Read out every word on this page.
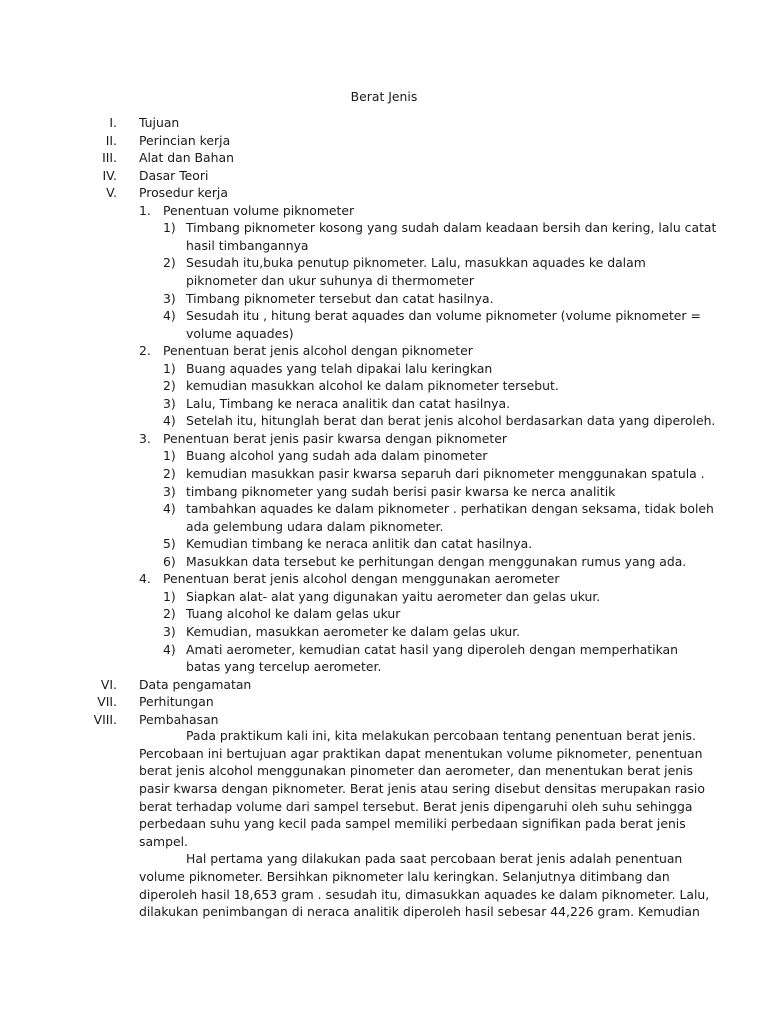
Berat Jenis
I. Tujuan
II. Perincian kerja
III. Alat dan Bahan
IV. Dasar Teori
V. Prosedur kerja
1. Penentuan volume piknometer
1) Timbang piknometer kosong yang sudah dalam keadaan bersih dan kering, lalu catat
hasil timbangannya
2) Sesudah itu,buka penutup piknometer. Lalu, masukkan aquades ke dalam
piknometer dan ukur suhunya di thermometer
3) Timbang piknometer tersebut dan catat hasilnya.
4) Sesudah itu , hitung berat aquades dan volume piknometer (volume piknometer =
volume aquades)
2. Penentuan berat jenis alcohol dengan piknometer
1) Buang aquades yang telah dipakai lalu keringkan
2) kemudian masukkan alcohol ke dalam piknometer tersebut.
3) Lalu, Timbang ke neraca analitik dan catat hasilnya.
4) Setelah itu, hitunglah berat dan berat jenis alcohol berdasarkan data yang diperoleh.
3. Penentuan berat jenis pasir kwarsa dengan piknometer
1) Buang alcohol yang sudah ada dalam pinometer
2) kemudian masukkan pasir kwarsa separuh dari piknometer menggunakan spatula .
3) timbang piknometer yang sudah berisi pasir kwarsa ke nerca analitik
4) tambahkan aquades ke dalam piknometer . perhatikan dengan seksama, tidak boleh
ada gelembung udara dalam piknometer.
5) Kemudian timbang ke neraca anlitik dan catat hasilnya.
6) Masukkan data tersebut ke perhitungan dengan menggunakan rumus yang ada.
4. Penentuan berat jenis alcohol dengan menggunakan aerometer
1) Siapkan alat- alat yang digunakan yaitu aerometer dan gelas ukur.
2) Tuang alcohol ke dalam gelas ukur
3) Kemudian, masukkan aerometer ke dalam gelas ukur.
4) Amati aerometer, kemudian catat hasil yang diperoleh dengan memperhatikan
batas yang tercelup aerometer.
VI. Data pengamatan
VII. Perhitungan
VIII. Pembahasan
Pada praktikum kali ini, kita melakukan percobaan tentang penentuan berat jenis.
Percobaan ini bertujuan agar praktikan dapat menentukan volume piknometer, penentuan
berat jenis alcohol menggunakan pinometer dan aerometer, dan menentukan berat jenis
pasir kwarsa dengan piknometer. Berat jenis atau sering disebut densitas merupakan rasio
berat terhadap volume dari sampel tersebut. Berat jenis dipengaruhi oleh suhu sehingga
perbedaan suhu yang kecil pada sampel memiliki perbedaan signifikan pada berat jenis
sampel.
Hal pertama yang dilakukan pada saat percobaan berat jenis adalah penentuan
volume piknometer. Bersihkan piknometer lalu keringkan. Selanjutnya ditimbang dan
diperoleh hasil 18,653 gram . sesudah itu, dimasukkan aquades ke dalam piknometer. Lalu,
dilakukan penimbangan di neraca analitik diperoleh hasil sebesar 44,226 gram. Kemudian
